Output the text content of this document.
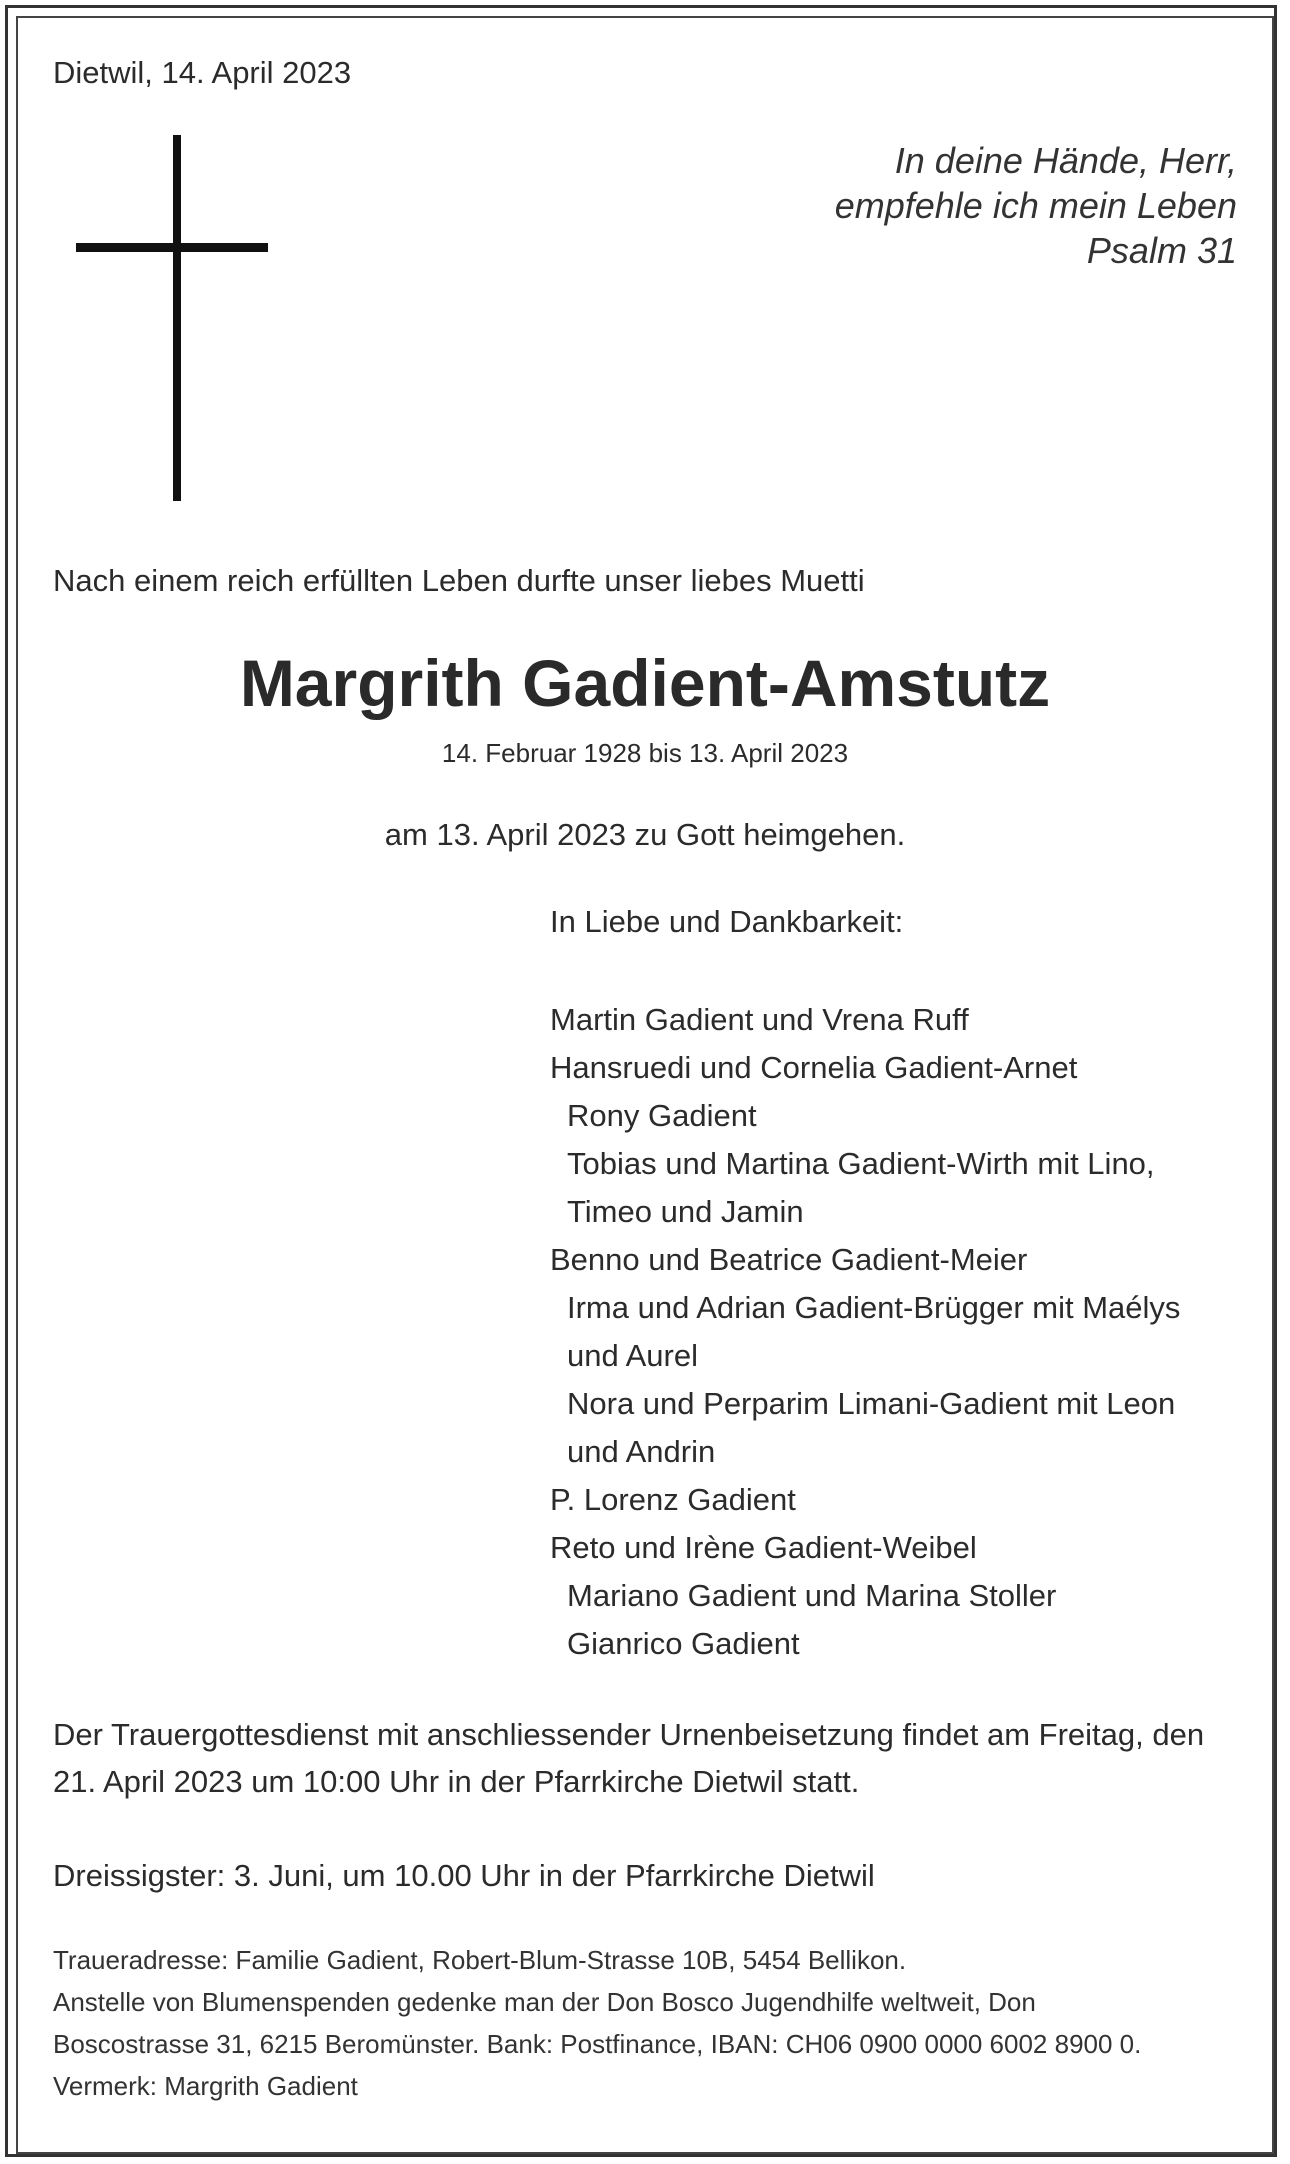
Dietwil, 14. April 2023

In deine Hände, Herr,
empfehle ich mein Leben
Psalm 31

Nach einem reich erfüllten Leben durfte unser liebes Muetti

Margrith Gadient-Amstutz

14. Februar 1928 bis 13. April 2023

am 13. April 2023 zu Gott heimgehen.

In Liebe und Dankbarkeit:

Martin Gadient und Vrena Ruff
Hansruedi und Cornelia Gadient-Arnet
Rony Gadient
Tobias und Martina Gadient-Wirth mit Lino,
Timeo und Jamin
Benno und Beatrice Gadient-Meier
Irma und Adrian Gadient-Brügger mit Maélys
und Aurel
Nora und Perparim Limani-Gadient mit Leon
und Andrin
P. Lorenz Gadient
Reto und Irène Gadient-Weibel
Mariano Gadient und Marina Stoller
Gianrico Gadient
Der Trauergottesdienst mit anschliessender Urnenbeisetzung findet am Freitag, den
21. April 2023 um 10:00 Uhr in der Pfarrkirche Dietwil statt.

Dreissigster: 3. Juni, um 10.00 Uhr in der Pfarrkirche Dietwil

Traueradresse: Familie Gadient, Robert-Blum-Strasse 10B, 5454 Bellikon.
Anstelle von Blumenspenden gedenke man der Don Bosco Jugendhilfe weltweit, Don
Boscostrasse 31, 6215 Beromünster. Bank: Postfinance, IBAN: CH06 0900 0000 6002 8900 0.
Vermerk: Margrith Gadient
